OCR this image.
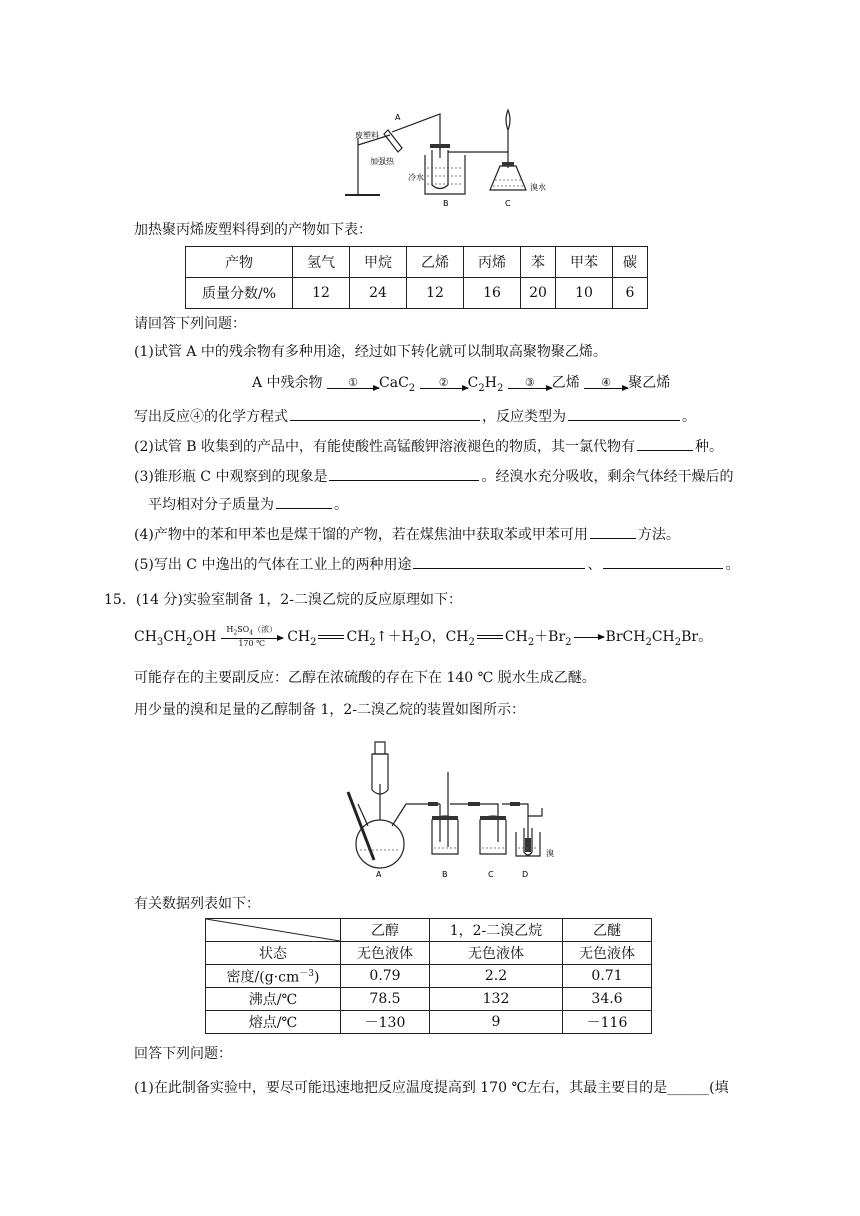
A
废塑料
加强热
冷水
B
溴水
C
加热聚丙烯废塑料得到的产物如下表：
产物	氢气	甲烷	乙烯	丙烯	苯	甲苯	碳
质量分数/%	12	24	12	16	20	10	6
请回答下列问题：
(1)试管 A 中的残余物有多种用途，经过如下转化就可以制取高聚物聚乙烯。
A 中残余物	①	CaC$_2$	②	$C_2H_2$	③	乙烯	④	聚乙烯
写出反应④的化学方程式	，反应类型为	。
(2)试管 B 收集到的产品中，有能使酸性高锰酸钾溶液褪色的物质，其一氯代物有	种。
(3)锥形瓶 C 中观察到的现象是	。经溴水充分吸收，剩余气体经干燥后的
平均相对分子质量为	。
(4)产物中的苯和甲苯也是煤干馏的产物，若在煤焦油中获取苯或甲苯可用	方法。
(5)写出 C 中逸出的气体在工业上的两种用途	、	。
15．(14 分)实验室制备 1，2-二溴乙烷的反应原理如下：
$CH_3CH_2OH$	$H_2SO_4$（浓）
170 ℃	$CH_2$ $CH_2↑+H_2O$，$CH_2$ $CH_2+Br_2$ $BrCH_2CH_2Br$。
可能存在的主要副反应：乙醇在浓硫酸的存在下在 140 ℃ 脱水生成乙醚。
用少量的溴和足量的乙醇制备 1，2-二溴乙烷的装置如图所示：
A	B	C	D
溴
有关数据列表如下：
	乙醇	1，2-二溴乙烷	乙醚
状态	无色液体	无色液体	无色液体
密度$/(g\cdot cm^{-3})$	0.79	2.2	0.71
沸点/℃	78.5	132	34.6
熔点/℃	－130	9	－116
回答下列问题：
(1)在此制备实验中，要尽可能迅速地把反应温度提高到 170 ℃左右，其最主要目的是______(填
